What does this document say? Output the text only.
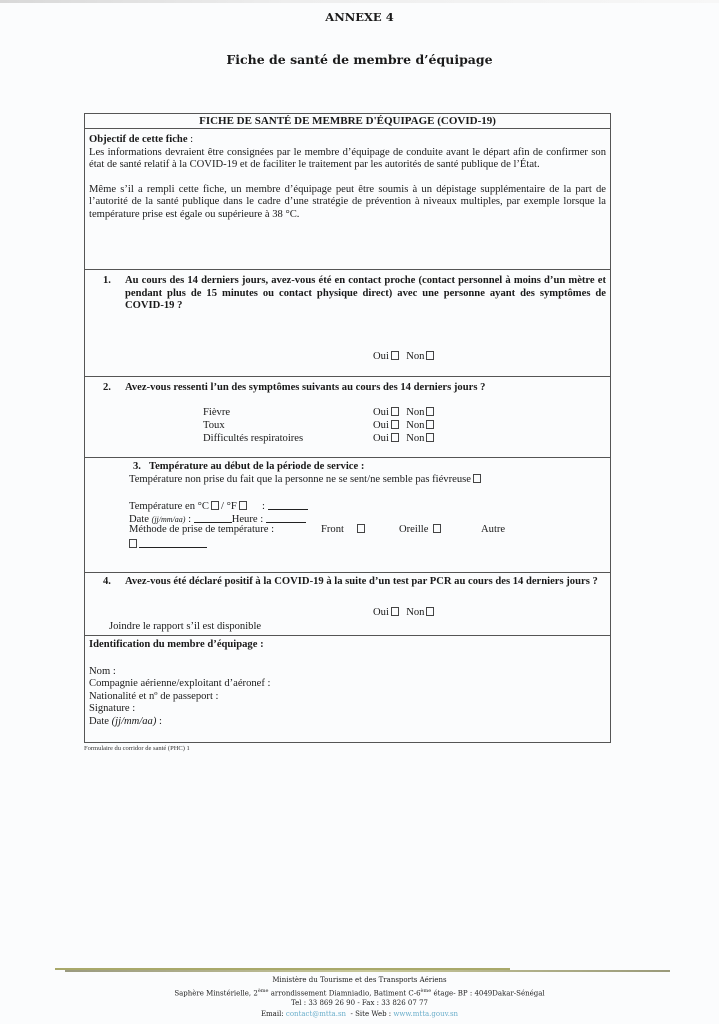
ANNEXE 4
Fiche de santé de membre d’équipage
FICHE DE SANTÉ DE MEMBRE D'ÉQUIPAGE (COVID-19)

Objectif de cette fiche :

Les informations devraient être consignées par le membre d’équipage de conduite avant le départ afin de confirmer son état de santé relatif à la COVID-19 et de faciliter le traitement par les autorités de santé publique de l’État.

Même s’il a rempli cette fiche, un membre d’équipage peut être soumis à un dépistage supplémentaire de la part de l’autorité de la santé publique dans le cadre d’une stratégie de prévention à niveaux multiples, par exemple lorsque la température prise est égale ou supérieure à 38 °C.

1. Au cours des 14 derniers jours, avez-vous été en contact proche (contact personnel à moins d’un mètre et pendant plus de 15 minutes ou contact physique direct) avec une personne ayant des symptômes de COVID-19 ?
Oui Non
2. Avez-vous ressenti l’un des symptômes suivants au cours des 14 derniers jours ?
Fièvre	Oui Non
Toux	Oui Non
Difficultés respiratoires	Oui Non
3. Température au début de la période de service :
Température non prise du fait que la personne ne se sent/ne semble pas fiévreuse
Température en °C / °F :
Date (jj/mm/aa) :	Heure :
Méthode de prise de température :	Front	Oreille	Autre
4. Avez-vous été déclaré positif à la COVID-19 à la suite d’un test par PCR au cours des 14 derniers jours ?
Oui Non
Joindre le rapport s’il est disponible
Identification du membre d’équipage :
Nom :
Compagnie aérienne/exploitant d’aéronef :
Nationalité et nº de passeport :
Signature :
Date (jj/mm/aa) :
Formulaire du corridor de santé (PHC) 1
Ministère du Tourisme et des Transports Aériens
Saphère Minstérielle, 2ème arrondissement Diamniadio, Batiment C-6ème étage- BP : 4049Dakar-Sénégal
Tel : 33 869 26 90 - Fax : 33 826 07 77
Email: contact@mtta.sn  - Site Web : www.mtta.gouv.sn
